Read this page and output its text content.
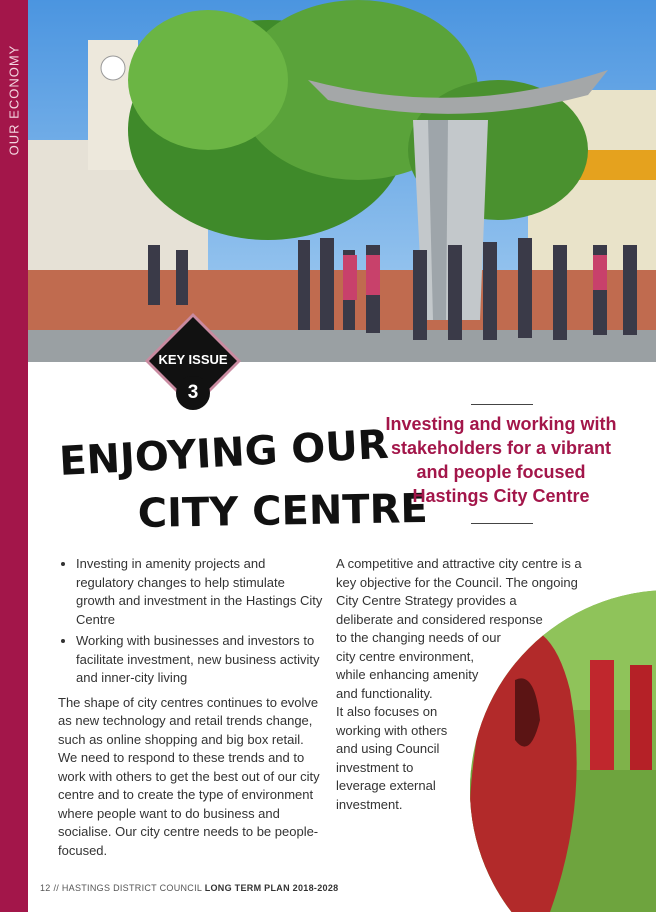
OUR ECONOMY
KEY ISSUE
3
ENJOYING OUR
CITY CENTRE
Investing and working with stakeholders for a vibrant and people focused Hastings City Centre
• Investing in amenity projects and regulatory changes to help stimulate growth and investment in the Hastings City Centre
• Working with businesses and investors to facilitate investment, new business activity and inner-city living

The shape of city centres continues to evolve as new technology and retail trends change, such as online shopping and big box retail. We need to respond to these trends and to work with others to get the best out of our city centre and to create the type of environment where people want to do business and socialise. Our city centre needs to be people-focused.

A competitive and attractive city centre is a
key objective for the Council. The ongoing
City Centre Strategy provides a
deliberate and considered response
to the changing needs of our
city centre environment,
while enhancing amenity
and functionality.
It also focuses on
working with others
and using Council
investment to
leverage external
investment.
12 // HASTINGS DISTRICT COUNCIL LONG TERM PLAN 2018-2028
